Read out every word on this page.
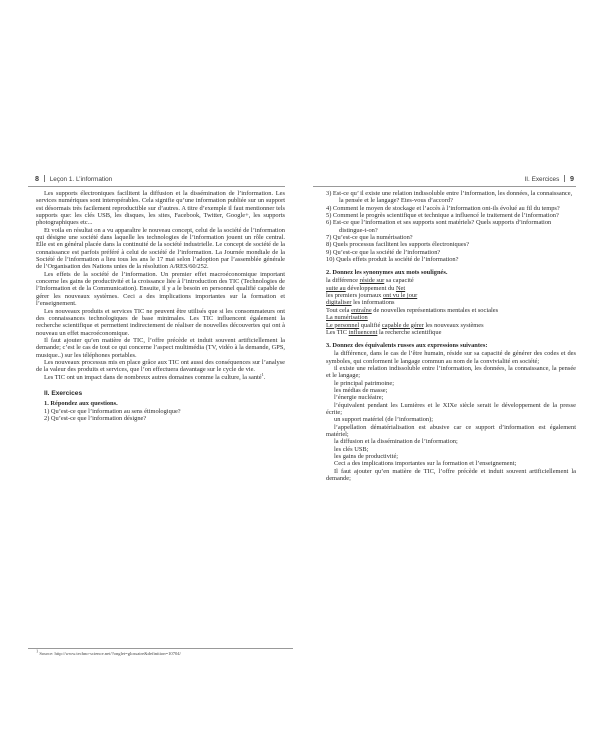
8 Leçon 1. L’information

Les supports électroniques facilitent la diffusion et la dissémination de l’information. Les services numériques sont interopérables. Cela signifie qu’une information publiée sur un support est désormais très facilement reproductible sur d’autres. A titre d’exemple il faut mentionner tels supports que: les clés USB, les disques, les sites, Facebook, Twitter, Google+, les supports photographiques etc...

Et voila en résultat on a vu apparaître le nouveau concept, celui de la société de l’information qui désigne une société dans laquelle les technologies de l’information jouent un rôle central. Elle est en général placée dans la continuité de la société industrielle. Le concept de société de la connaissance est parfois préféré à celui de société de l’information. La Journée mondiale de la Société de l’information a lieu tous les ans le 17 mai selon l’adoption par l’assemblée générale de l’Organisation des Nations unies de la résolution A/RES/60/252.

Les effets de la société de l’information. Un premier effet macroéconomique important concerne les gains de productivité et la croissance liée à l’introduction des TIC (Technologies de l’Information et de la Communication). Ensuite, il y a le besoin en personnel qualifié capable de gérer les nouveaux systèmes. Ceci a des implications importantes sur la formation et l’enseignement.

Les nouveaux produits et services TIC ne peuvent être utilisés que si les consommateurs ont des connaissances technologiques de base minimales. Les TIC influencent également la recherche scientifique et permettent indirectement de réaliser de nouvelles découvertes qui ont à nouveau un effet macroéconomique.

Il faut ajouter qu’en matière de TIC, l’offre précède et induit souvent artificiellement la demande; c’est le cas de tout ce qui concerne l’aspect multimédia (TV, vidéo à la demande, GPS, musique..) sur les téléphones portables.

Les nouveaux processus mis en place grâce aux TIC ont aussi des conséquences sur l’analyse de la valeur des produits et services, que l’on effectuera davantage sur le cycle de vie.

Les TIC ont un impact dans de nombreux autres domaines comme la culture, la santé$^1$.

II. Exercices
1. Répondez aux questions.

1) Qu’est-ce que l’information au sens étimologique?

2) Qu’est-ce que l’information désigne?

$^1$ Source: http://www.techno-science.net/?onglet=glossaire&definition=10704/
II. Exercices 9

3) Est-ce qu’ il existe une relation indissoluble entre l’information, les données, la connaissance, la pensée et le langage? Etes-vous d’accord?

4) Comment le moyen de stockage et l’accès à l’information ont-ils évolué au fil du temps?

5) Comment le progrès scientifique et technique a influencé le traitement de l’information?

6) Est-ce que l’information et ses supports sont matériels? Quels supports d’information distingue-t-on?

7) Qu’est-ce que la numérisation?

8) Quels processus facilitent les supports électroniques?

9) Qu’est-ce que la société de l’information?

10) Quels effets produit la société de l’information?

2. Donnez les synonymes aux mots soulignés.

la différence réside sur sa capacité

suite au développement du Net

les premiers journaux ont vu le jour

digitaliser les informations

Tout cela entraîne de nouvelles représentations mentales et sociales

La numérisation

Le personnel qualifié capable de gérer les nouveaux systèmes

Les TIC influencent la recherche scientifique

3. Donnez des équivalents russes aux expressions suivantes:

la différence, dans le cas de l’être humain, réside sur sa capacité de générer des codes et des symboles, qui conforment le langage commun au nom de la convivialité en société;

il existe une relation indissoluble entre l’information, les données, la connaissance, la pensée et le langage;

le principal patrimoine;

les médias de masse;

l’énergie nucléaire;

l’équivalent pendant les Lumières et le XIXe siècle serait le développement de la presse écrite;

un support matériel (de l’information);

l’appellation dématérialisation est abusive car ce support d’information est également matériel;

la diffusion et la dissémination de l’information;

les clés USB;

les gains de productivité;

Ceci a des implications importantes sur la formation et l’enseignement;

Il faut ajouter qu’en matière de TIC, l’offre précède et induit souvent artificiellement la demande;
